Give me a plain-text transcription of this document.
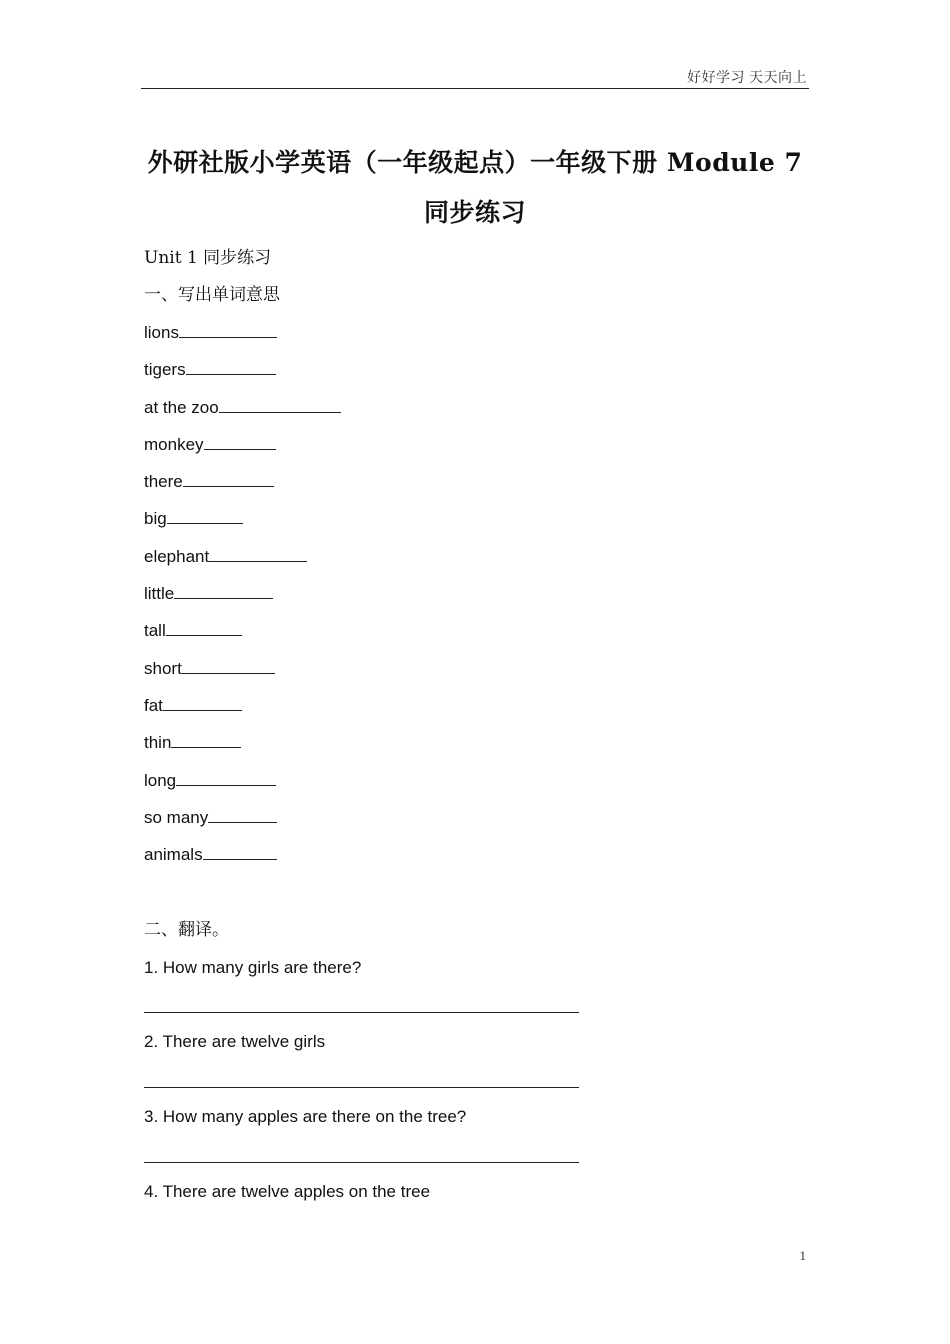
好好学习 天天向上
外研社版小学英语（一年级起点）一年级下册 Module 7
同步练习
Unit 1 同步练习
一、写出单词意思
lions
tigers
at the zoo
monkey
there
big
elephant
little
tall
short
fat
thin
long
so many
animals
二、翻译。
1. How many girls are there?
2. There are twelve girls
3. How many apples are there on the tree?
4. There are twelve apples on the tree
1
